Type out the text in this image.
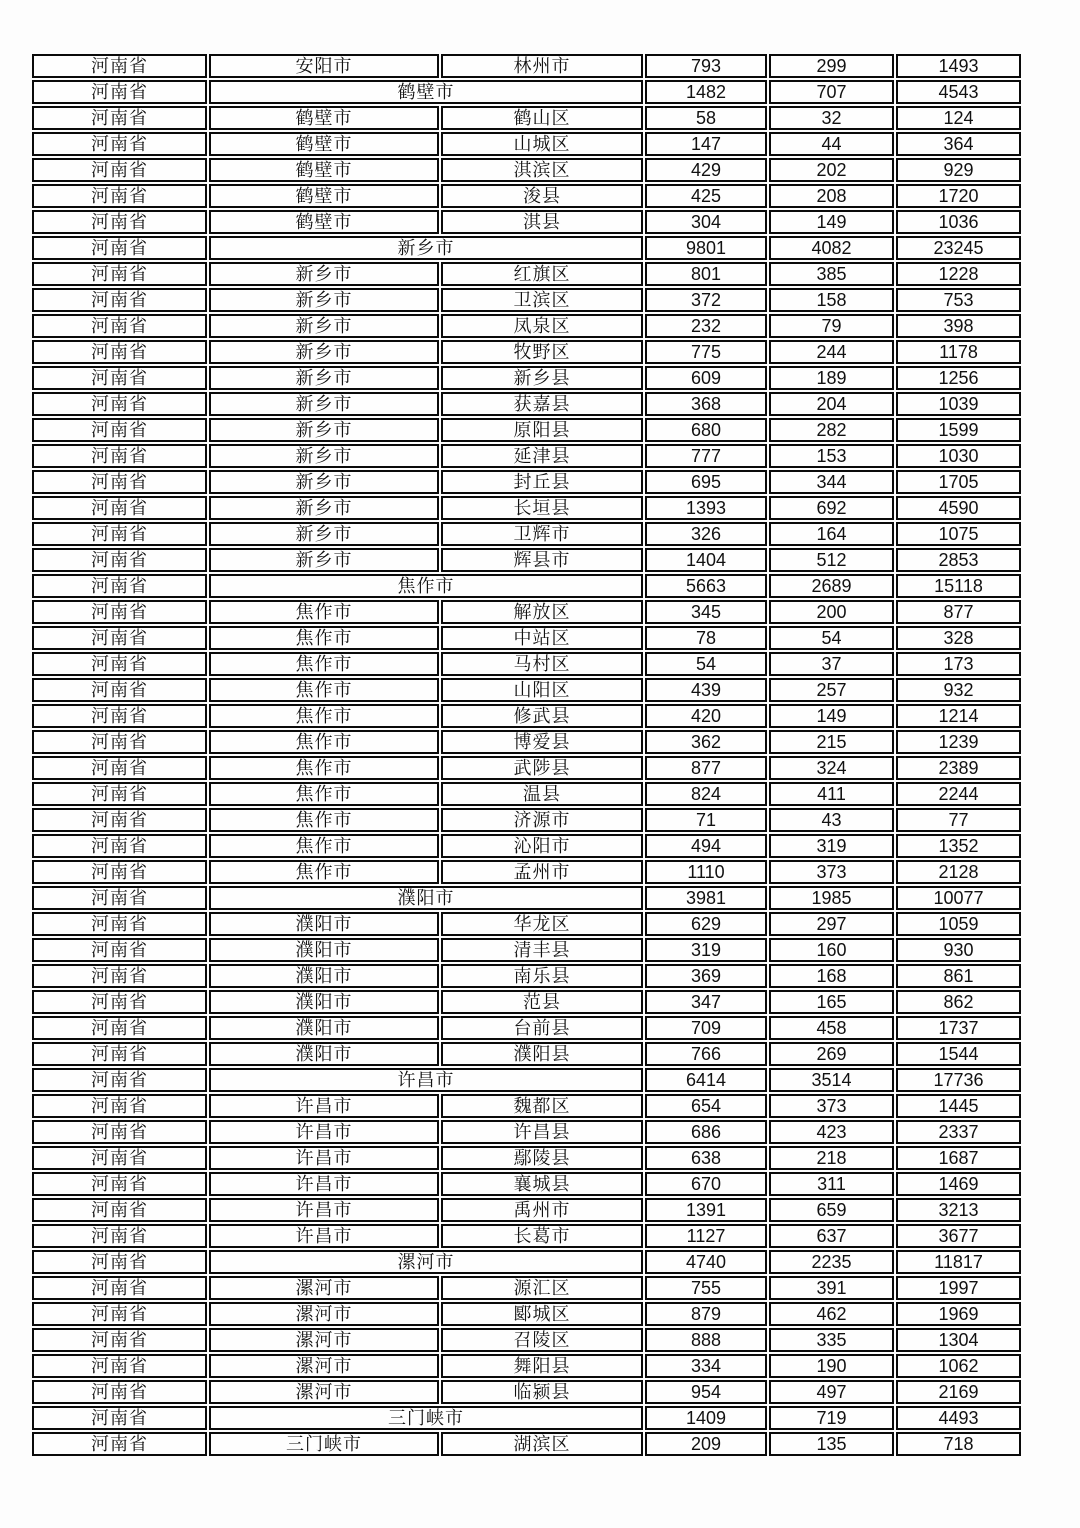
河南省	安阳市	林州市	793	299	1493
河南省	鹤壁市		1482	707	4543
河南省	鹤壁市	鹤山区	58	32	124
河南省	鹤壁市	山城区	147	44	364
河南省	鹤壁市	淇滨区	429	202	929
河南省	鹤壁市	浚县	425	208	1720
河南省	鹤壁市	淇县	304	149	1036
河南省	新乡市		9801	4082	23245
河南省	新乡市	红旗区	801	385	1228
河南省	新乡市	卫滨区	372	158	753
河南省	新乡市	凤泉区	232	79	398
河南省	新乡市	牧野区	775	244	1178
河南省	新乡市	新乡县	609	189	1256
河南省	新乡市	获嘉县	368	204	1039
河南省	新乡市	原阳县	680	282	1599
河南省	新乡市	延津县	777	153	1030
河南省	新乡市	封丘县	695	344	1705
河南省	新乡市	长垣县	1393	692	4590
河南省	新乡市	卫辉市	326	164	1075
河南省	新乡市	辉县市	1404	512	2853
河南省	焦作市		5663	2689	15118
河南省	焦作市	解放区	345	200	877
河南省	焦作市	中站区	78	54	328
河南省	焦作市	马村区	54	37	173
河南省	焦作市	山阳区	439	257	932
河南省	焦作市	修武县	420	149	1214
河南省	焦作市	博爱县	362	215	1239
河南省	焦作市	武陟县	877	324	2389
河南省	焦作市	温县	824	411	2244
河南省	焦作市	济源市	71	43	77
河南省	焦作市	沁阳市	494	319	1352
河南省	焦作市	孟州市	1110	373	2128
河南省	濮阳市		3981	1985	10077
河南省	濮阳市	华龙区	629	297	1059
河南省	濮阳市	清丰县	319	160	930
河南省	濮阳市	南乐县	369	168	861
河南省	濮阳市	范县	347	165	862
河南省	濮阳市	台前县	709	458	1737
河南省	濮阳市	濮阳县	766	269	1544
河南省	许昌市		6414	3514	17736
河南省	许昌市	魏都区	654	373	1445
河南省	许昌市	许昌县	686	423	2337
河南省	许昌市	鄢陵县	638	218	1687
河南省	许昌市	襄城县	670	311	1469
河南省	许昌市	禹州市	1391	659	3213
河南省	许昌市	长葛市	1127	637	3677
河南省	漯河市		4740	2235	11817
河南省	漯河市	源汇区	755	391	1997
河南省	漯河市	郾城区	879	462	1969
河南省	漯河市	召陵区	888	335	1304
河南省	漯河市	舞阳县	334	190	1062
河南省	漯河市	临颍县	954	497	2169
河南省	三门峡市		1409	719	4493
河南省	三门峡市	湖滨区	209	135	718
